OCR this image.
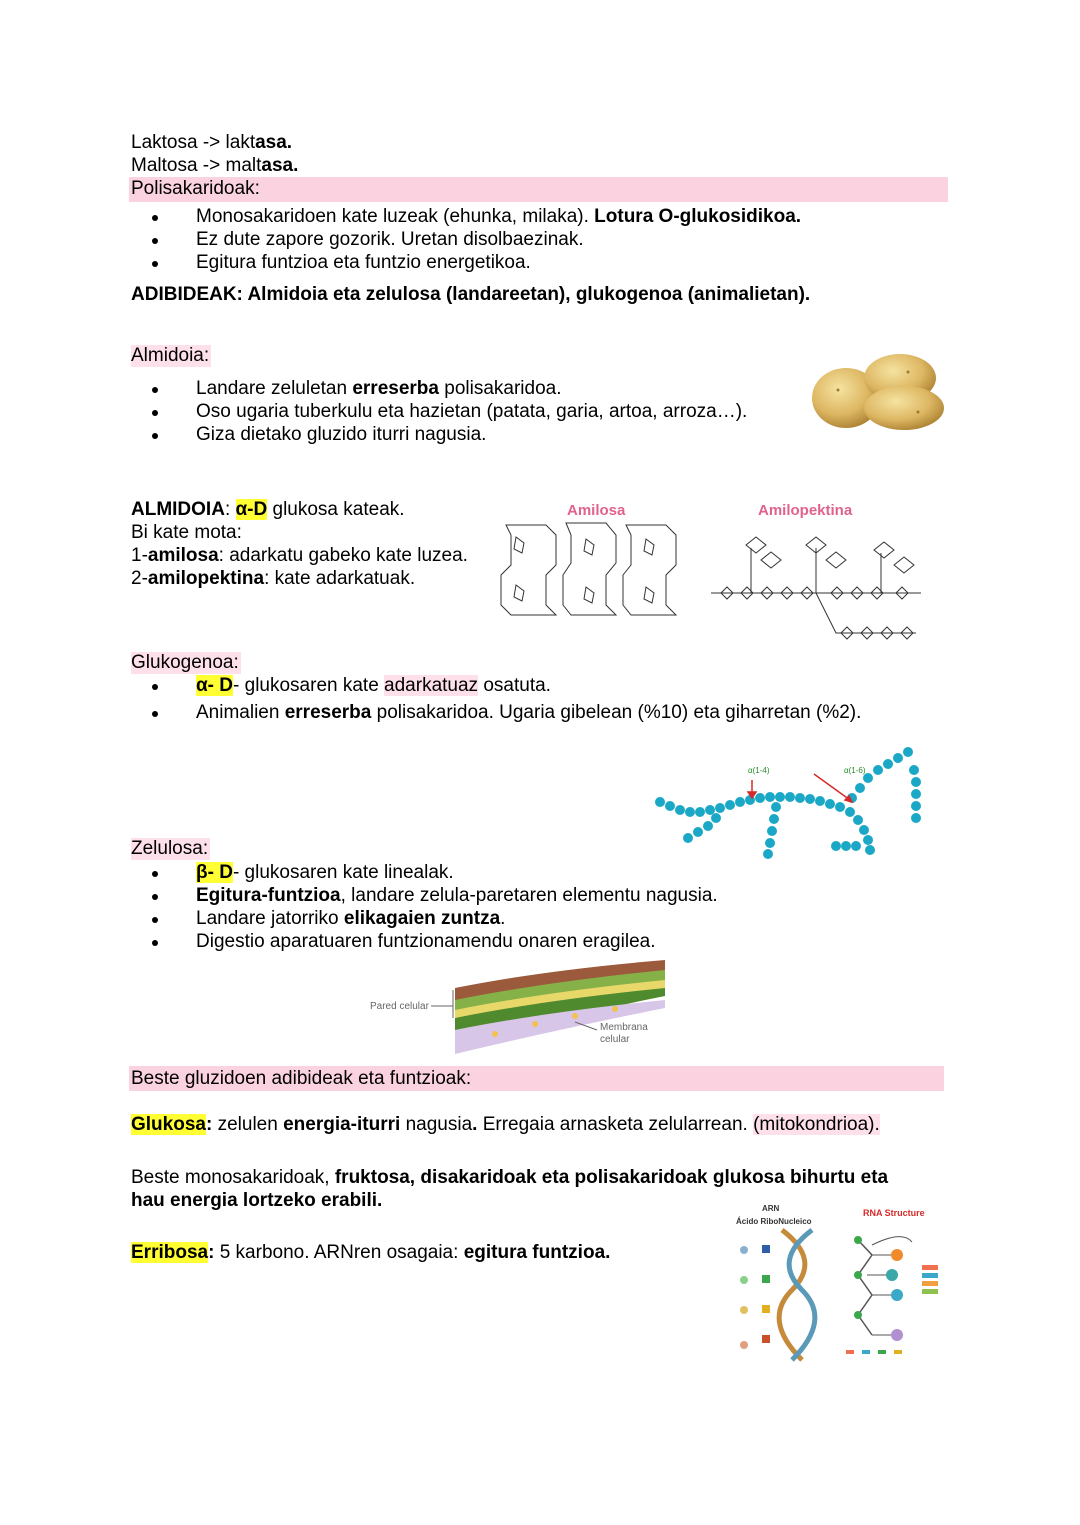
Laktosa -> laktasa.
Maltosa -> maltasa.
Polisakaridoak:
Monosakaridoen kate luzeak (ehunka, milaka). Lotura O-glukosidikoa.
Ez dute zapore gozorik. Uretan disolbaezinak.
Egitura funtzioa eta funtzio energetikoa.
ADIBIDEAK: Almidoia eta zelulosa (landareetan), glukogenoa (animalietan).
Almidoia:
Landare zeluletan erreserba polisakaridoa.
Oso ugaria tuberkulu eta hazietan (patata, garia, artoa, arroza…).
Giza dietako gluzido iturri nagusia.
ALMIDOIA: α-D glukosa kateak.
Bi kate mota:
1-amilosa: adarkatu gabeko kate luzea.
2-amilopektina: kate adarkatuak.
Amilosa	Amilopektina
Glukogenoa:
α- D- glukosaren kate adarkatuaz osatuta.
Animalien erreserba polisakaridoa. Ugaria gibelean (%10) eta giharretan (%2).
α(1-4)	α(1-6)
Zelulosa:
β- D- glukosaren kate linealak.
Egitura-funtzioa, landare zelula-paretaren elementu nagusia.
Landare jatorriko elikagaien zuntza.
Digestio aparatuaren funtzionamendu onaren eragilea.
Pared celular
Membrana
celular
Beste gluzidoen adibideak eta funtzioak:
Glukosa: zelulen energia-iturri nagusia. Erregaia arnasketa zelularrean. (mitokondrioa).
Beste monosakaridoak, fruktosa, disakaridoak eta polisakaridoak glukosa bihurtu eta
hau energia lortzeko erabili.
Erribosa: 5 karbono. ARNren osagaia: egitura funtzioa.
ARN
Ácido RiboNucleico
RNA Structure
